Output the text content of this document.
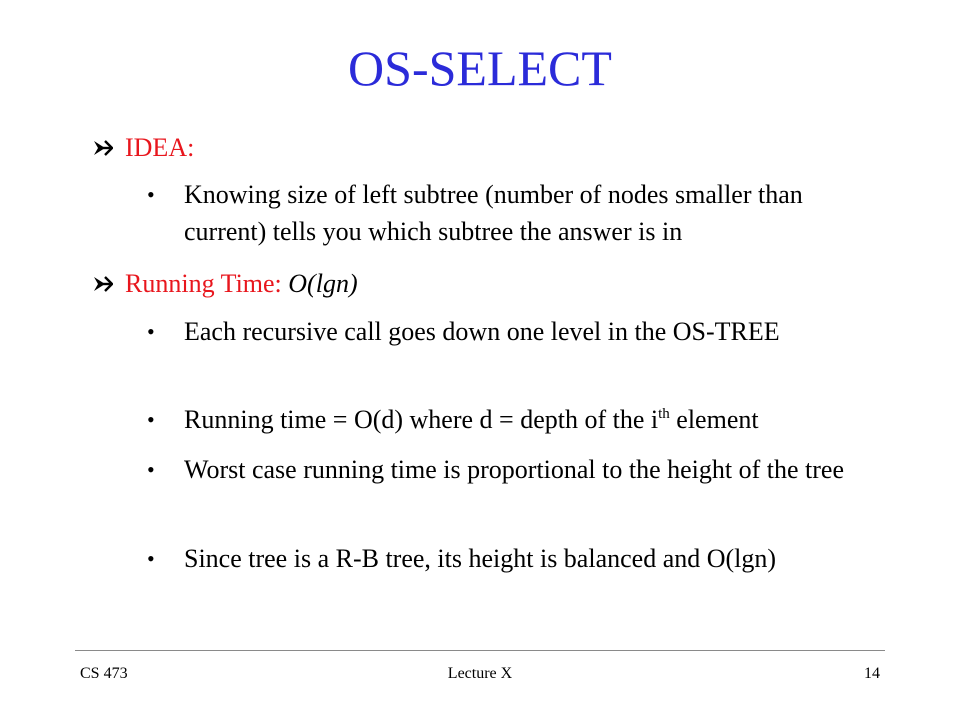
OS-SELECT
IDEA:
• Knowing size of left subtree (number of nodes smaller than current) tells you which subtree the answer is in
Running Time: O(lgn)
• Each recursive call goes down one level in the OS-TREE
• Running time = O(d) where d = depth of the $i^{th}$ element
• Worst case running time is proportional to the height of the tree
• Since tree is a R-B tree, its height is balanced and O(lgn)
CS 473	Lecture X	14
